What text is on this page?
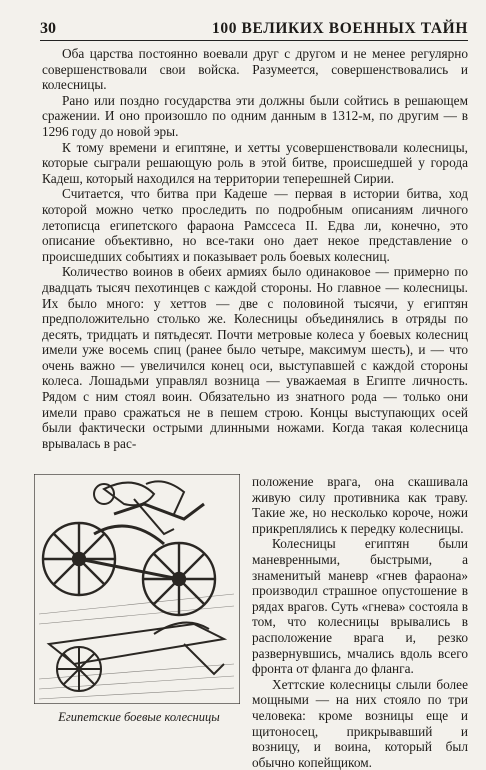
30	100 ВЕЛИКИХ ВОЕННЫХ ТАЙН

Оба царства постоянно воевали друг с другом и не менее регулярно совершенствовали свои войска. Разумеется, совершенствовались и колесницы.

Рано или поздно государства эти должны были сойтись в решающем сражении. И оно произошло по одним данным в 1312-м, по другим — в 1296 году до новой эры.

К тому времени и египтяне, и хетты усовершенствовали колесницы, которые сыграли решающую роль в этой битве, происшедшей у города Кадеш, который находился на территории теперешней Сирии.

Считается, что битва при Кадеше — первая в истории битва, ход которой можно четко проследить по подробным описаниям личного летописца египетского фараона Рамссеса II. Едва ли, конечно, это описание объективно, но все-таки оно дает некое представление о происшедших событиях и показывает роль боевых колесниц.

Количество воинов в обеих армиях было одинаковое — примерно по двадцать тысяч пехотинцев с каждой стороны. Но главное — колесницы. Их было много: у хеттов — две с половиной тысячи, у египтян предположительно столько же. Колесницы объединялись в отряды по десять, тридцать и пятьдесят. Почти метровые колеса у боевых колесниц имели уже восемь спиц (ранее было четыре, максимум шесть), и — что очень важно — увеличился конец оси, выступавшей с каждой стороны колеса. Лошадьми управлял возница — уважаемая в Египте личность. Рядом с ним стоял воин. Обязательно из знатного рода — только они имели право сражаться не в пешем строю. Концы выступающих осей были фактически острыми длинными ножами. Когда такая колесница врывалась в рас-

Египетские боевые колесницы

положение врага, она скашивала живую силу противника как траву. Такие же, но несколько короче, ножи прикреплялись к передку колесницы.

Колесницы египтян были маневренными, быстрыми, а знаменитый маневр «гнев фараона» производил страшное опустошение в рядах врагов. Суть «гнева» состояла в том, что колесницы врывались в расположение врага и, резко развернувшись, мчались вдоль всего фронта от фланга до фланга.

Хеттские колесницы слыли более мощными — на них стояло по три человека: кроме возницы еще и щитоносец, прикрывавший и возницу, и воина, который был обычно копейщиком.
